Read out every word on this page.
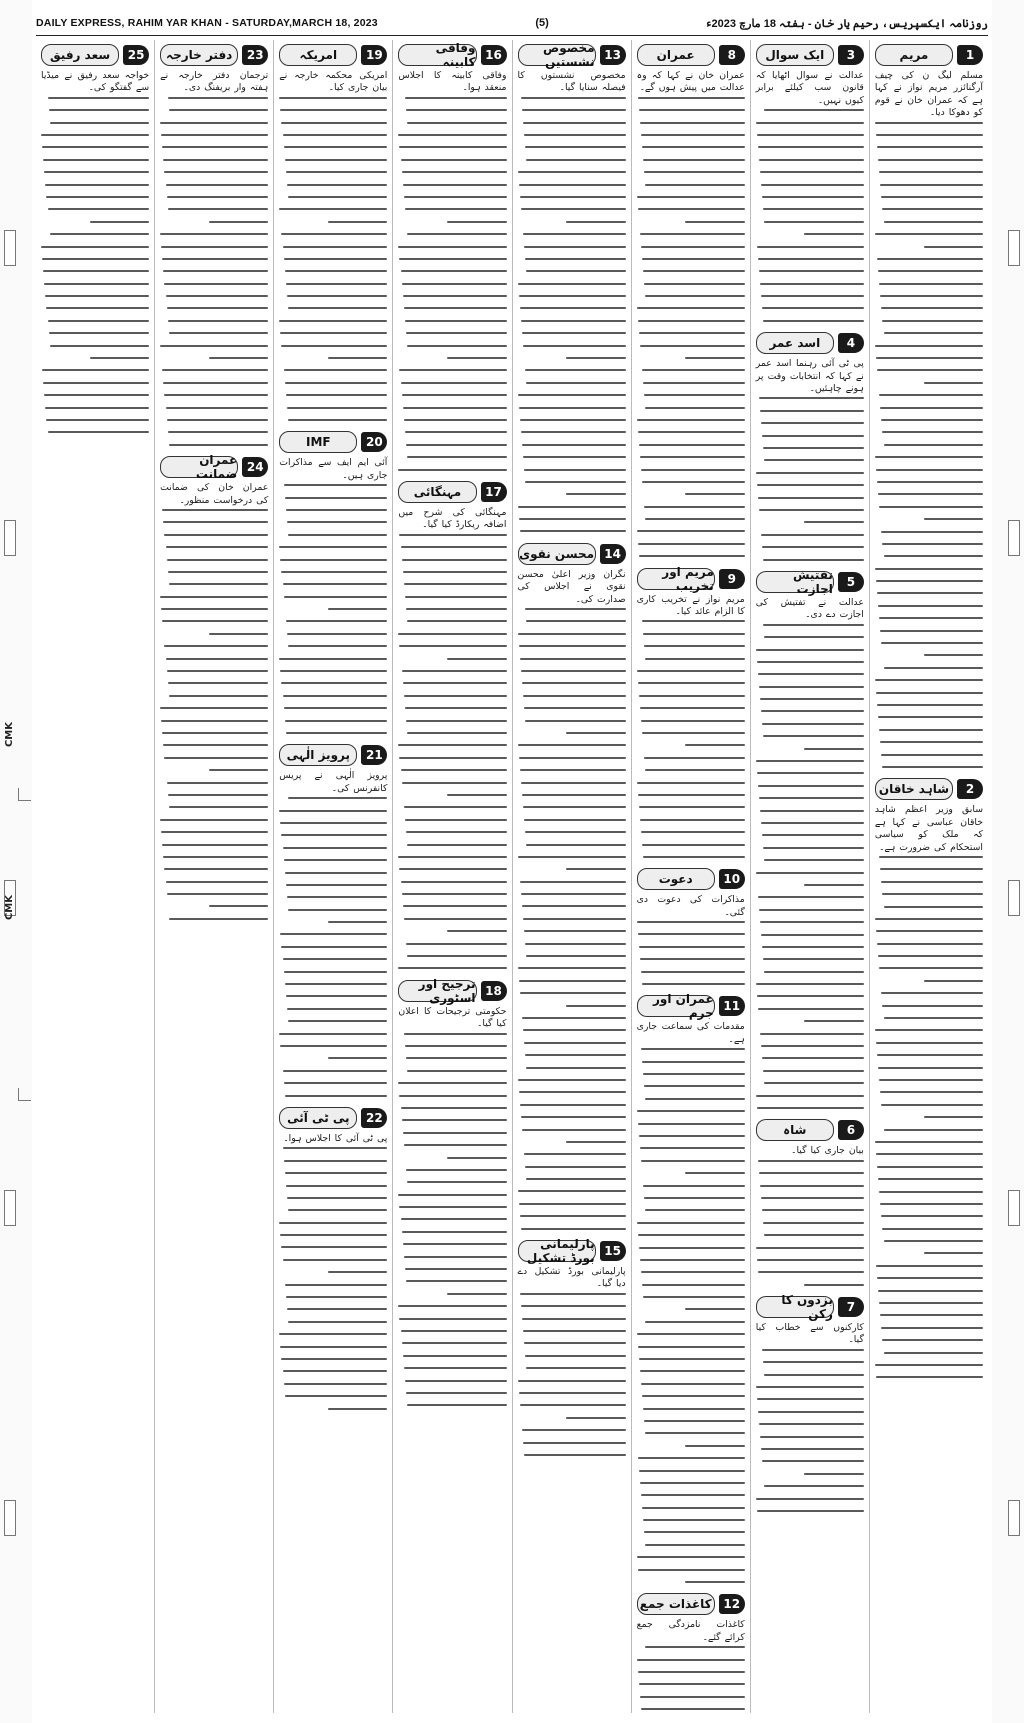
CMK
CMK
DAILY EXPRESS, RAHIM YAR KHAN - SATURDAY,MARCH 18, 2023	(5)	روزنامہ ایکسپریس، رحیم یار خان - ہفتہ 18 مارچ 2023ء
1
مریم
مسلم لیگ ن کی چیف آرگنائزر مریم نواز نے کہا ہے کہ عمران خان نے قوم کو دھوکا دیا۔
2
شاہد خاقان
سابق وزیر اعظم شاہد خاقان عباسی نے کہا ہے کہ ملک کو سیاسی استحکام کی ضرورت ہے۔
3
ایک سوال
عدالت نے سوال اٹھایا کہ قانون سب کیلئے برابر کیوں نہیں۔
4
اسد عمر
پی ٹی آئی رہنما اسد عمر نے کہا کہ انتخابات وقت پر ہونے چاہئیں۔
5
تفتیش اجازت
عدالت نے تفتیش کی اجازت دے دی۔
6
شاہ
بیان جاری کیا گیا۔
7
بزدوں کا رکن
کارکنوں سے خطاب کیا گیا۔
8
عمران
عمران خان نے کہا کہ وہ عدالت میں پیش ہوں گے۔
9
مریم اور تخریب
مریم نواز نے تخریب کاری کا الزام عائد کیا۔
10
دعوت
مذاکرات کی دعوت دی گئی۔
11
عمران اور جرم
مقدمات کی سماعت جاری ہے۔
12
کاغذات جمع
کاغذات نامزدگی جمع کرائے گئے۔
13
مخصوص نشستیں
مخصوص نشستوں کا فیصلہ سنایا گیا۔
14
محسن نقوی
نگران وزیر اعلیٰ محسن نقوی نے اجلاس کی صدارت کی۔
15
پارلیمانی بورڈ تشکیل
پارلیمانی بورڈ تشکیل دے دیا گیا۔
16
وفاقی کابینہ
وفاقی کابینہ کا اجلاس منعقد ہوا۔
17
مہنگائی
مہنگائی کی شرح میں اضافہ ریکارڈ کیا گیا۔
18
ترجیح اور اسٹوری
حکومتی ترجیحات کا اعلان کیا گیا۔
19
امریکہ
امریکی محکمہ خارجہ نے بیان جاری کیا۔
20
IMF
آئی ایم ایف سے مذاکرات جاری ہیں۔
21
پرویز الٰہی
پرویز الٰہی نے پریس کانفرنس کی۔
22
پی ٹی آئی
پی ٹی آئی کا اجلاس ہوا۔
23
دفتر خارجہ
ترجمان دفتر خارجہ نے ہفتہ وار بریفنگ دی۔
24
عمران ضمانت
عمران خان کی ضمانت کی درخواست منظور۔
25
سعد رفیق
خواجہ سعد رفیق نے میڈیا سے گفتگو کی۔
